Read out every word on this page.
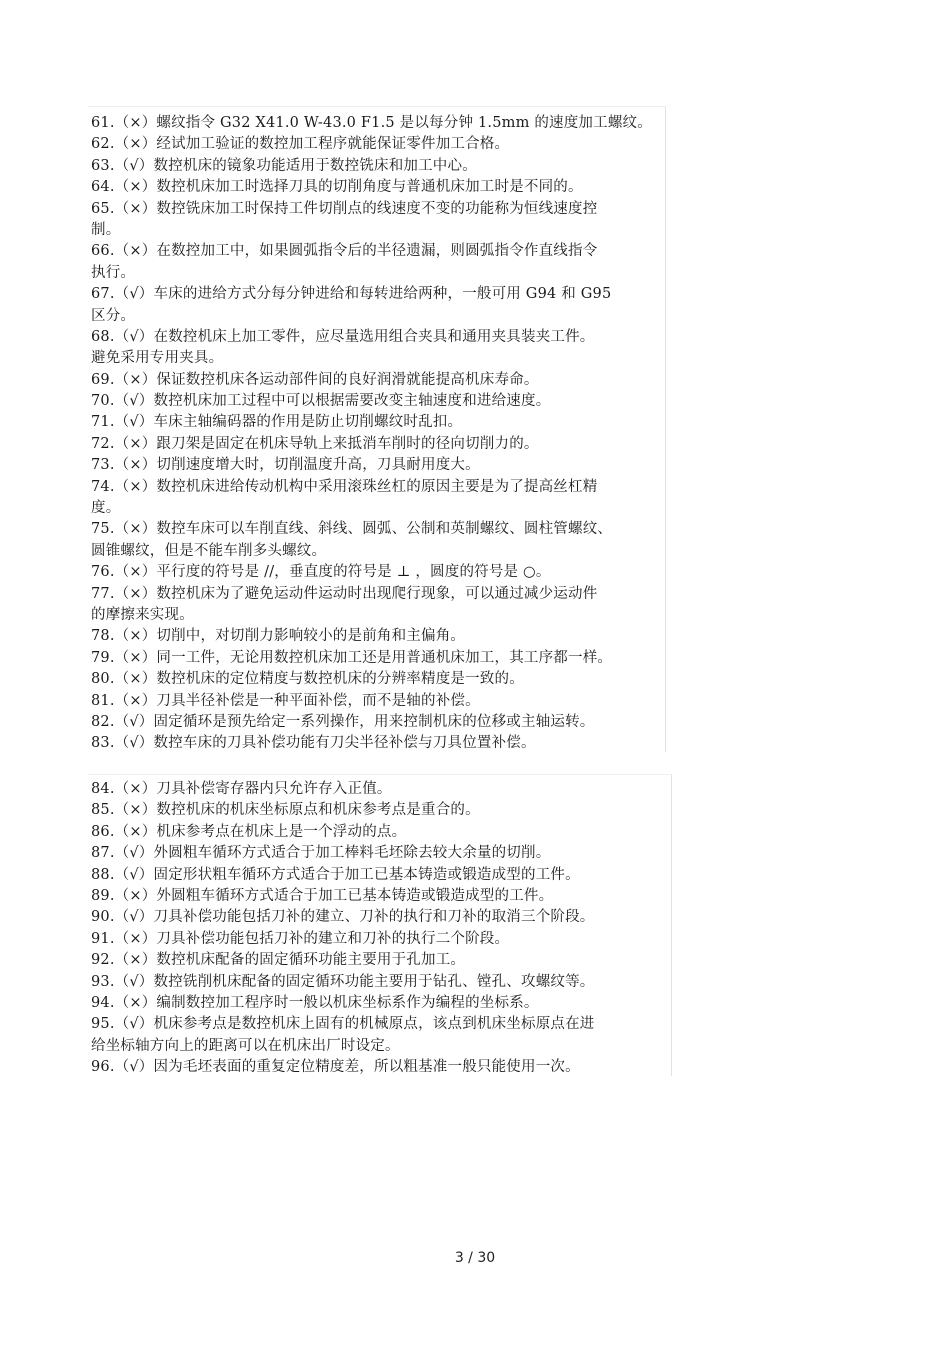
61.（×）螺纹指令 G32 X41.0 W-43.0 F1.5 是以每分钟 1.5mm 的速度加工螺纹。
62.（×）经试加工验证的数控加工程序就能保证零件加工合格。
63.（√）数控机床的镜象功能适用于数控铣床和加工中心。
64.（×）数控机床加工时选择刀具的切削角度与普通机床加工时是不同的。
65.（×）数控铣床加工时保持工件切削点的线速度不变的功能称为恒线速度控
制。
66.（×）在数控加工中，如果圆弧指令后的半径遗漏，则圆弧指令作直线指令
执行。
67.（√）车床的进给方式分每分钟进给和每转进给两种，一般可用 G94 和 G95
区分。
68.（√）在数控机床上加工零件，应尽量选用组合夹具和通用夹具装夹工件。
避免采用专用夹具。
69.（×）保证数控机床各运动部件间的良好润滑就能提高机床寿命。
70.（√）数控机床加工过程中可以根据需要改变主轴速度和进给速度。
71.（√）车床主轴编码器的作用是防止切削螺纹时乱扣。
72.（×）跟刀架是固定在机床导轨上来抵消车削时的径向切削力的。
73.（×）切削速度增大时，切削温度升高，刀具耐用度大。
74.（×）数控机床进给传动机构中采用滚珠丝杠的原因主要是为了提高丝杠精
度。
75.（×）数控车床可以车削直线、斜线、圆弧、公制和英制螺纹、圆柱管螺纹、
圆锥螺纹，但是不能车削多头螺纹。
76.（×）平行度的符号是 //，垂直度的符号是 ⊥ ，圆度的符号是 ○。
77.（×）数控机床为了避免运动件运动时出现爬行现象，可以通过减少运动件
的摩擦来实现。
78.（×）切削中，对切削力影响较小的是前角和主偏角。
79.（×）同一工件，无论用数控机床加工还是用普通机床加工，其工序都一样。
80.（×）数控机床的定位精度与数控机床的分辨率精度是一致的。
81.（×）刀具半径补偿是一种平面补偿，而不是轴的补偿。
82.（√）固定循环是预先给定一系列操作，用来控制机床的位移或主轴运转。
83.（√）数控车床的刀具补偿功能有刀尖半径补偿与刀具位置补偿。
84.（×）刀具补偿寄存器内只允许存入正值。
85.（×）数控机床的机床坐标原点和机床参考点是重合的。
86.（×）机床参考点在机床上是一个浮动的点。
87.（√）外圆粗车循环方式适合于加工棒料毛坯除去较大余量的切削。
88.（√）固定形状粗车循环方式适合于加工已基本铸造或锻造成型的工件。
89.（×）外圆粗车循环方式适合于加工已基本铸造或锻造成型的工件。
90.（√）刀具补偿功能包括刀补的建立、刀补的执行和刀补的取消三个阶段。
91.（×）刀具补偿功能包括刀补的建立和刀补的执行二个阶段。
92.（×）数控机床配备的固定循环功能主要用于孔加工。
93.（√）数控铣削机床配备的固定循环功能主要用于钻孔、镗孔、攻螺纹等。
94.（×）编制数控加工程序时一般以机床坐标系作为编程的坐标系。
95.（√）机床参考点是数控机床上固有的机械原点，该点到机床坐标原点在进
给坐标轴方向上的距离可以在机床出厂时设定。
96.（√）因为毛坯表面的重复定位精度差，所以粗基准一般只能使用一次。
3 / 30
